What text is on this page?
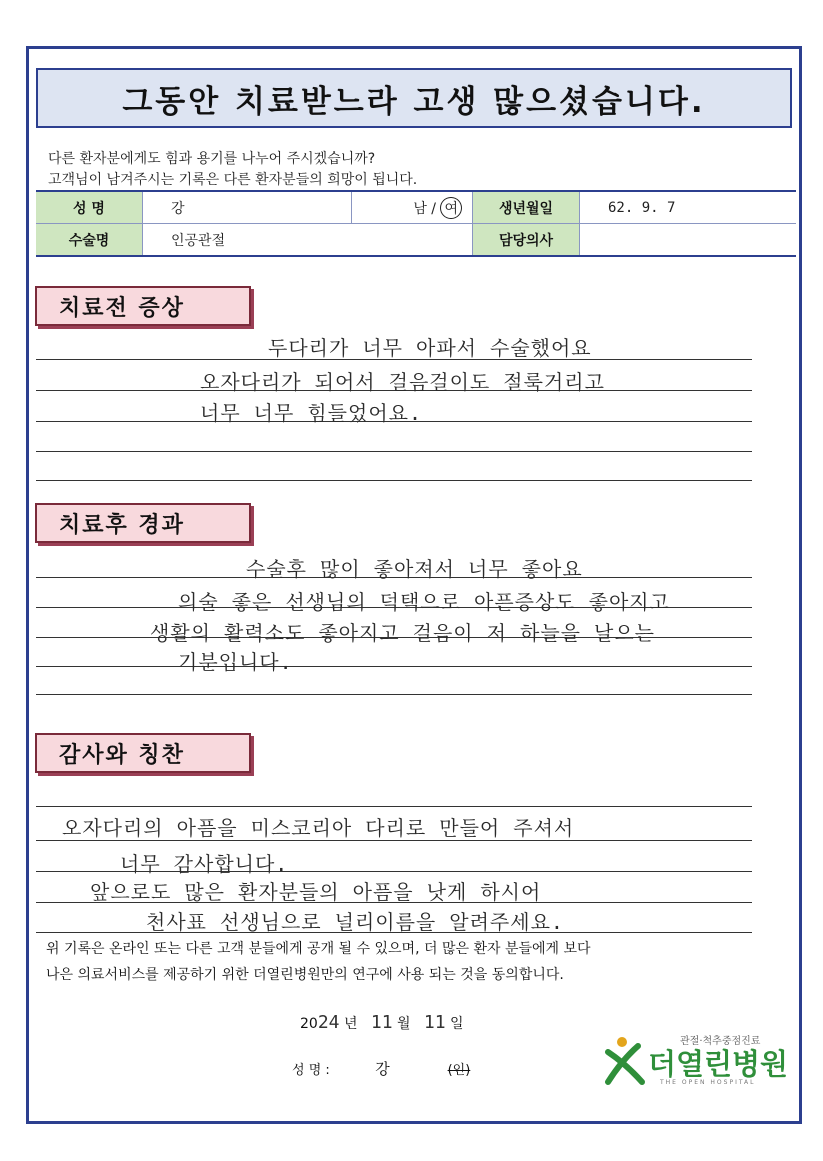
그동안 치료받느라 고생 많으셨습니다.
다른 환자분에게도 힘과 용기를 나누어 주시겠습니까?
고객님이 남겨주시는 기록은 다른 환자분들의 희망이 됩니다.
성 명	강	남 / 여	생년월일	62. 9. 7
수술명	인공관절		담당의사	
치료전 증상
두다리가 너무 아파서 수술했어요
오자다리가 되어서 걸음걸이도 절룩거리고
너무 너무 힘들었어요.
치료후 경과
수술후 많이 좋아져서 너무 좋아요
의술 좋은 선생님의 덕택으로 아픈증상도 좋아지고
생활의 활력소도 좋아지고 걸음이 저 하늘을 날으는
기분입니다.
감사와 칭찬
오자다리의 아픔을 미스코리아 다리로 만들어 주셔서
너무 감사합니다.
앞으로도 많은 환자분들의 아픔을 낫게 하시어
천사표 선생님으로 널리이름을 알려주세요.
위 기록은 온라인 또는 다른 고객 분들에게 공개 될 수 있으며, 더 많은 환자 분들에게 보다
나은 의료서비스를 제공하기 위한 더열린병원만의 연구에 사용 되는 것을 동의합니다.
2024 년 11 월 11 일
성 명 :	강	(인)
관절·척추중점진료
더열린병원
THE OPEN HOSPITAL
